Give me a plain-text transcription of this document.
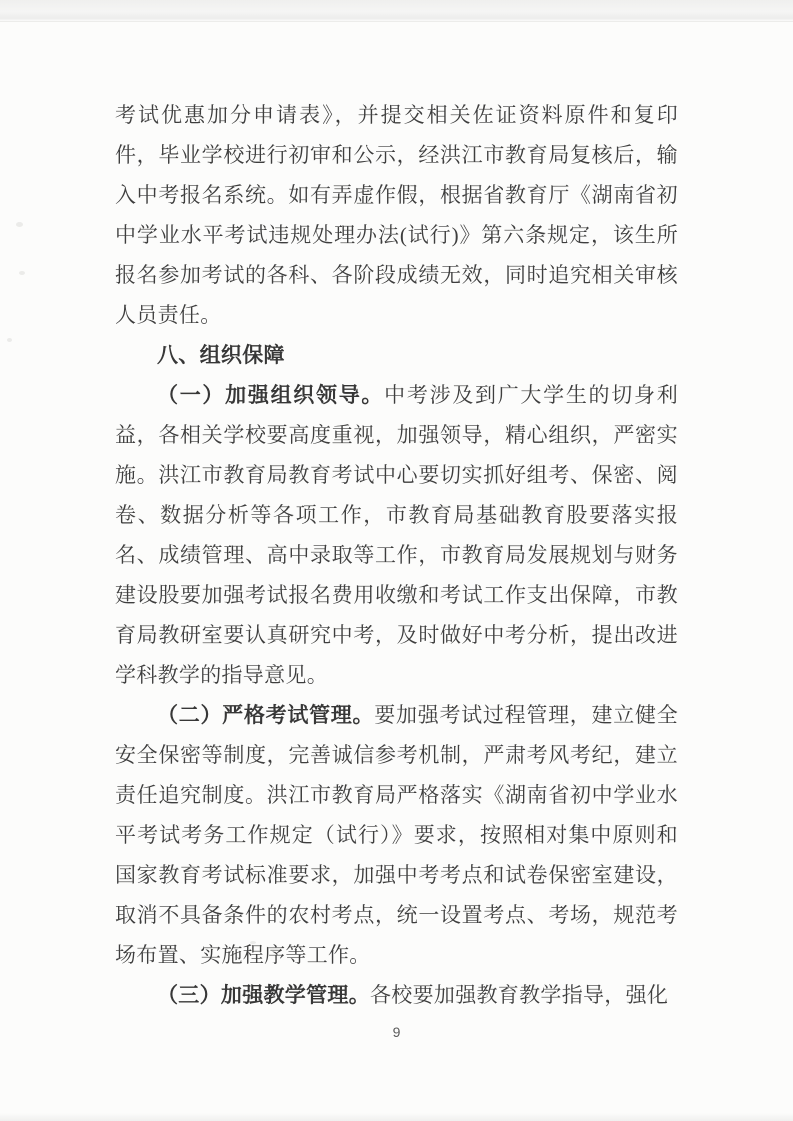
考试优惠加分申请表》，并提交相关佐证资料原件和复印件，毕业学校进行初审和公示，经洪江市教育局复核后，输入中考报名系统。如有弄虚作假，根据省教育厅《湖南省初中学业水平考试违规处理办法(试行)》第六条规定，该生所报名参加考试的各科、各阶段成绩无效，同时追究相关审核人员责任。

八、组织保障

（一）加强组织领导。中考涉及到广大学生的切身利益，各相关学校要高度重视，加强领导，精心组织，严密实施。洪江市教育局教育考试中心要切实抓好组考、保密、阅卷、数据分析等各项工作，市教育局基础教育股要落实报名、成绩管理、高中录取等工作，市教育局发展规划与财务建设股要加强考试报名费用收缴和考试工作支出保障，市教育局教研室要认真研究中考，及时做好中考分析，提出改进学科教学的指导意见。

（二）严格考试管理。要加强考试过程管理，建立健全安全保密等制度，完善诚信参考机制，严肃考风考纪，建立责任追究制度。洪江市教育局严格落实《湖南省初中学业水平考试考务工作规定（试行）》要求，按照相对集中原则和国家教育考试标准要求，加强中考考点和试卷保密室建设，取消不具备条件的农村考点，统一设置考点、考场，规范考场布置、实施程序等工作。

（三）加强教学管理。各校要加强教育教学指导，强化

9
